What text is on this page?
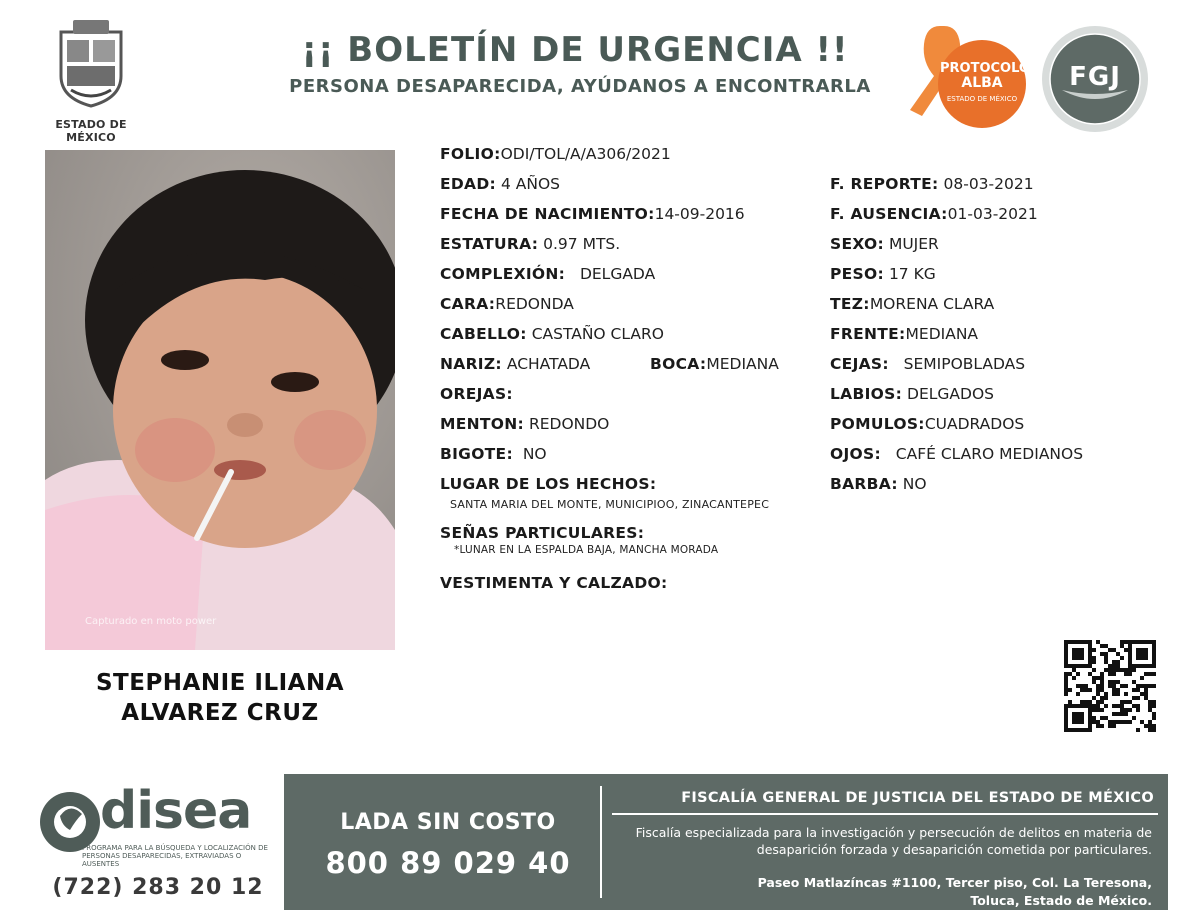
ESTADO DE MÉXICO
¡¡ BOLETÍN DE URGENCIA !!
PERSONA DESAPARECIDA, AYÚDANOS A ENCONTRARLA
PROTOCOLO
ALBA
ESTADO DE MÉXICO
FGJ
Capturado en moto power
STEPHANIE ILIANA
ALVAREZ CRUZ
FOLIO:ODI/TOL/A/A306/2021
EDAD: 4 AÑOS
FECHA DE NACIMIENTO:14-09-2016
ESTATURA: 0.97 MTS.
COMPLEXIÓN: DELGADA
CARA:REDONDA
CABELLO: CASTAÑO CLARO
NARIZ: ACHATADA	BOCA:MEDIANA
OREJAS:
MENTON: REDONDO
BIGOTE: NO
LUGAR DE LOS HECHOS:
SANTA MARIA DEL MONTE, MUNICIPIOO, ZINACANTEPEC
SEÑAS PARTICULARES:
*LUNAR EN LA ESPALDA BAJA, MANCHA MORADA
VESTIMENTA Y CALZADO:
F. REPORTE: 08-03-2021
F. AUSENCIA:01-03-2021
SEXO: MUJER
PESO: 17 KG
TEZ:MORENA CLARA
FRENTE:MEDIANA
CEJAS: SEMIPOBLADAS
LABIOS: DELGADOS
POMULOS:CUADRADOS
OJOS: CAFÉ CLARO MEDIANOS
BARBA: NO
disea
PROGRAMA PARA LA BÚSQUEDA Y LOCALIZACIÓN DE PERSONAS DESAPARECIDAS, EXTRAVIADAS O AUSENTES
(722) 283 20 12
LADA SIN COSTO
800 89 029 40
FISCALÍA GENERAL DE JUSTICIA DEL ESTADO DE MÉXICO
Fiscalía especializada para la investigación y persecución de delitos en materia de desaparición forzada y desaparición cometida por particulares.
Paseo Matlazíncas #1100, Tercer piso, Col. La Teresona,
Toluca, Estado de México.
